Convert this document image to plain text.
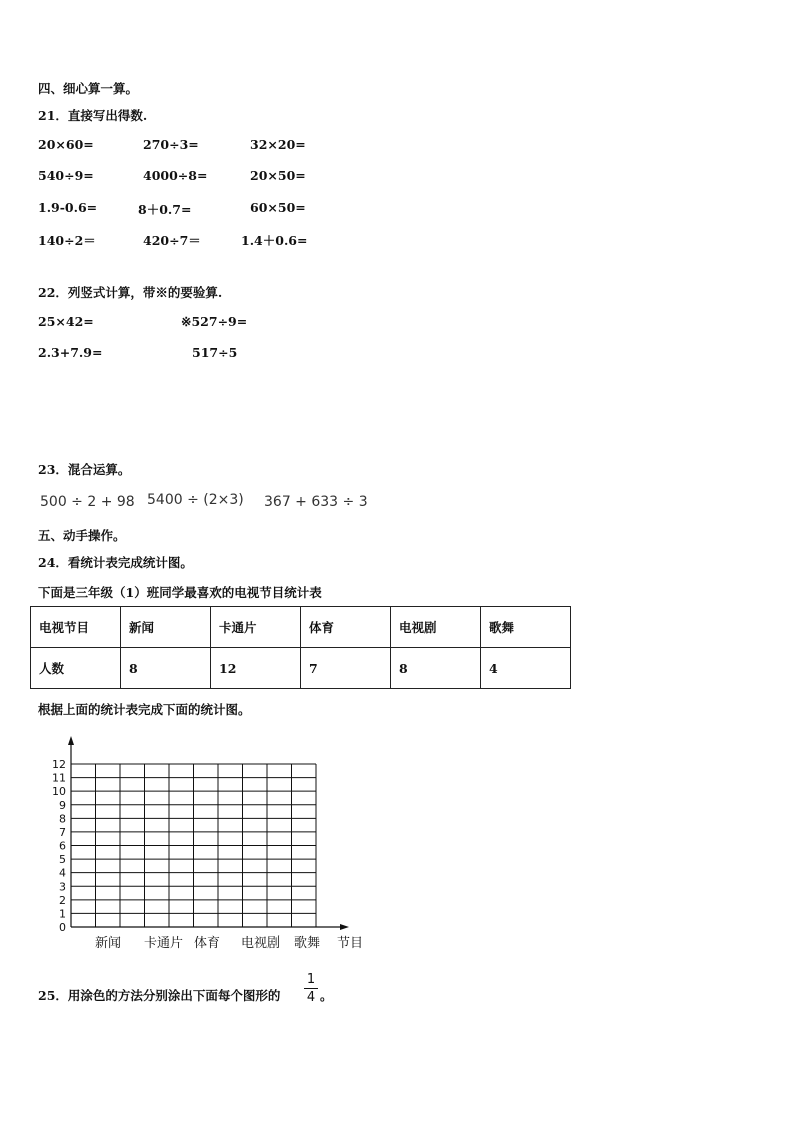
四、细心算一算。
21．直接写出得数.
20×60=	270÷3=	32×20=
540÷9=	4000÷8=	20×50=
1.9-0.6=	8＋0.7=	60×50=
140÷2＝	420÷7＝	1.4＋0.6=
22．列竖式计算，带※的要验算.
25×42=	※527÷9=
2.3+7.9=	517÷5
23．混合运算。
500 ÷ 2 + 98 5400 ÷ (2×3) 367 + 633 ÷ 3
五、动手操作。
24．看统计表完成统计图。
下面是三年级（1）班同学最喜欢的电视节目统计表
电视节目	新闻	卡通片	体育	电视剧	歌舞
人数	8	12	7	8	4
根据上面的统计表完成下面的统计图。
0
1
2
3
4
5
6
7
8
9
10
11
12
新闻 卡通片 体育 电视剧 歌舞 节目
25．用涂色的方法分别涂出下面每个图形的
1
4 。
